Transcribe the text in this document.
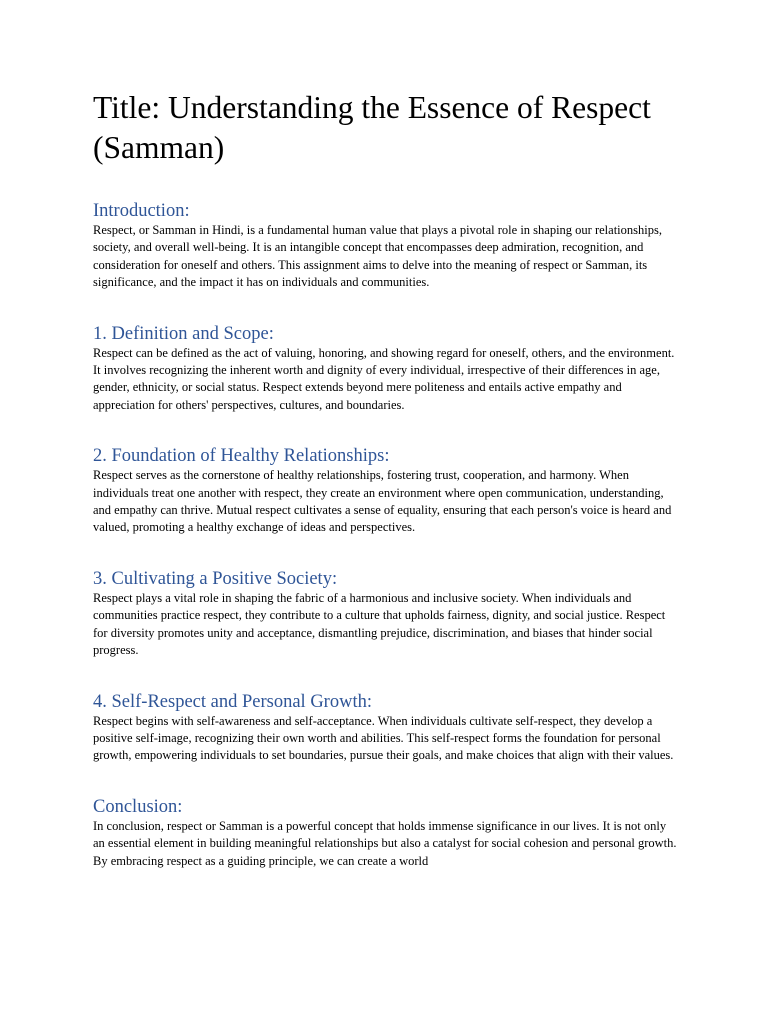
Title: Understanding the Essence of Respect (Samman)
Introduction:

Respect, or Samman in Hindi, is a fundamental human value that plays a pivotal role in shaping our relationships, society, and overall well-being. It is an intangible concept that encompasses deep admiration, recognition, and consideration for oneself and others. This assignment aims to delve into the meaning of respect or Samman, its significance, and the impact it has on individuals and communities.

1. Definition and Scope:

Respect can be defined as the act of valuing, honoring, and showing regard for oneself, others, and the environment. It involves recognizing the inherent worth and dignity of every individual, irrespective of their differences in age, gender, ethnicity, or social status. Respect extends beyond mere politeness and entails active empathy and appreciation for others' perspectives, cultures, and boundaries.

2. Foundation of Healthy Relationships:

Respect serves as the cornerstone of healthy relationships, fostering trust, cooperation, and harmony. When individuals treat one another with respect, they create an environment where open communication, understanding, and empathy can thrive. Mutual respect cultivates a sense of equality, ensuring that each person's voice is heard and valued, promoting a healthy exchange of ideas and perspectives.

3. Cultivating a Positive Society:

Respect plays a vital role in shaping the fabric of a harmonious and inclusive society. When individuals and communities practice respect, they contribute to a culture that upholds fairness, dignity, and social justice. Respect for diversity promotes unity and acceptance, dismantling prejudice, discrimination, and biases that hinder social progress.

4. Self-Respect and Personal Growth:

Respect begins with self-awareness and self-acceptance. When individuals cultivate self-respect, they develop a positive self-image, recognizing their own worth and abilities. This self-respect forms the foundation for personal growth, empowering individuals to set boundaries, pursue their goals, and make choices that align with their values.

Conclusion:

In conclusion, respect or Samman is a powerful concept that holds immense significance in our lives. It is not only an essential element in building meaningful relationships but also a catalyst for social cohesion and personal growth. By embracing respect as a guiding principle, we can create a world
